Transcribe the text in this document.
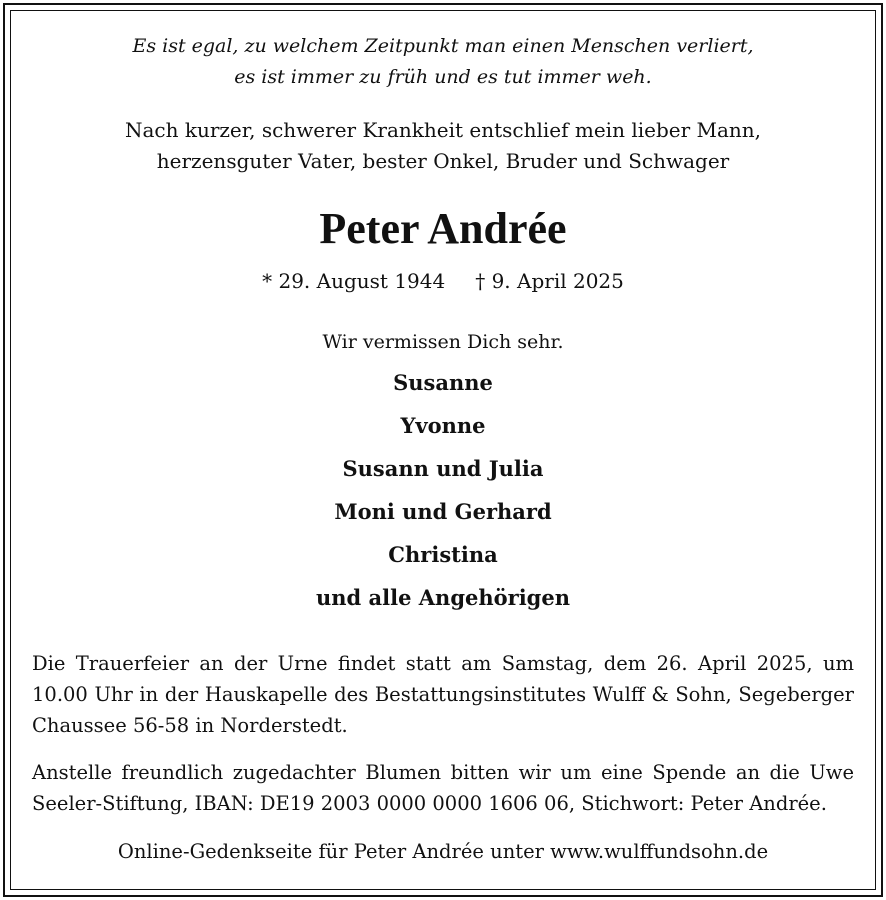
Es ist egal, zu welchem Zeitpunkt man einen Menschen verliert,
es ist immer zu früh und es tut immer weh.
Nach kurzer, schwerer Krankheit entschlief mein lieber Mann,
herzensguter Vater, bester Onkel, Bruder und Schwager
Peter Andrée
* 29. August 1944 † 9. April 2025
Wir vermissen Dich sehr.
Susanne
Yvonne
Susann und Julia
Moni und Gerhard
Christina
und alle Angehörigen
Die Trauerfeier an der Urne findet statt am Samstag, dem 26. April 2025, um
10.00 Uhr in der Hauskapelle des Bestattungsinstitutes Wulff & Sohn, Segeberger
Chaussee 56-58 in Norderstedt.
Anstelle freundlich zugedachter Blumen bitten wir um eine Spende an die Uwe
Seeler-Stiftung, IBAN: DE19 2003 0000 0000 1606 06, Stichwort: Peter Andrée.
Online-Gedenkseite für Peter Andrée unter www.wulffundsohn.de
